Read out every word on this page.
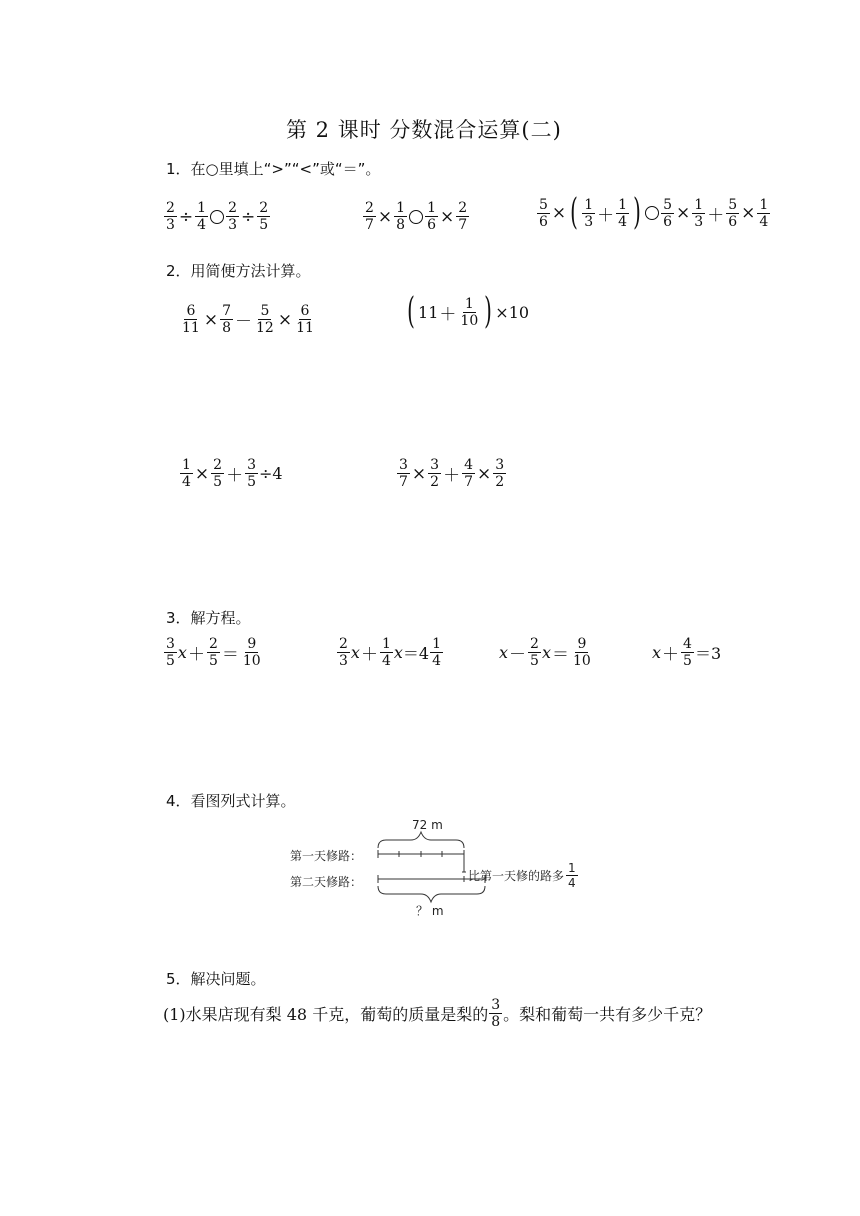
第 2 课时 分数混合运算(二)
1．在○里填上“>”“<”或“＝”。
$\frac{2}{3} \div \frac{1}{4} \frac{2}{3} \div \frac{2}{5}$	$\frac{2}{7} \times \frac{1}{8} \frac{1}{6} \times \frac{2}{7}$	$\frac{5}{6}$ × ( 1
3 ＋
1
4 ) $\frac{5}{6} \times \frac{1}{3} + \frac{5}{6} \times \frac{1}{4}$
2．用简便方法计算。
$\frac{6}{11} \times \frac{7}{8} - \frac{5}{12} \times \frac{6}{11}$	( 11 ＋
1
10 ) ×10
$\frac{1}{4} \times \frac{2}{5} + \frac{3}{5} \div 4$	$\frac{3}{7} \times \frac{3}{2} + \frac{4}{7} \times \frac{3}{2}$
3．解方程。
3
5 x ＋
2
5 ＝
9
10
2
3 x ＋
1
4 x ＝4 1
4	x －
2
5 x ＝
9
10	x ＋
4
5 ＝3
4．看图列式计算。
72 m
第一天修路：
第二天修路：	比第一天修的路多
1
4
？ m
5．解决问题。
(1)水果店现有梨 48 千克，葡萄的质量是梨的 3
8 。梨和葡萄一共有多少千克？
